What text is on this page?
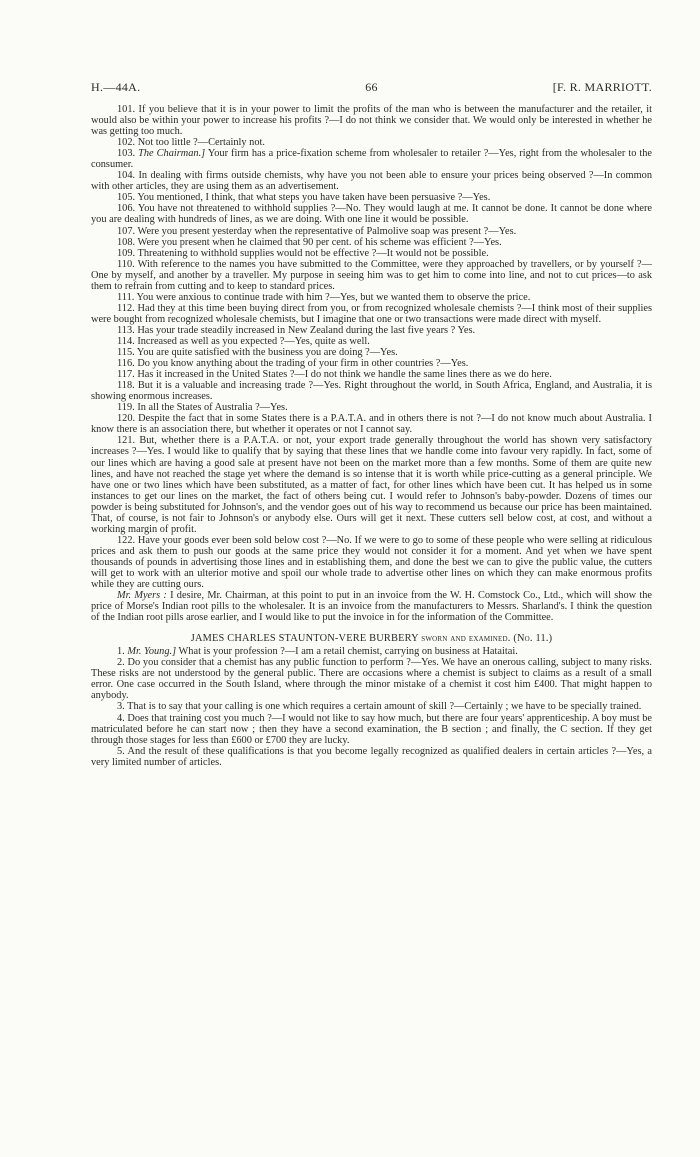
H.—44A.	66	[F. R. MARRIOTT.

101. If you believe that it is in your power to limit the profits of the man who is between the manufacturer and the retailer, it would also be within your power to increase his profits ?—I do not think we consider that. We would only be interested in whether he was getting too much.

102. Not too little ?—Certainly not.

103. The Chairman.] Your firm has a price-fixation scheme from wholesaler to retailer ?—Yes, right from the wholesaler to the consumer.

104. In dealing with firms outside chemists, why have you not been able to ensure your prices being observed ?—In common with other articles, they are using them as an advertisement.

105. You mentioned, I think, that what steps you have taken have been persuasive ?—Yes.

106. You have not threatened to withhold supplies ?—No. They would laugh at me. It cannot be done. It cannot be done where you are dealing with hundreds of lines, as we are doing. With one line it would be possible.

107. Were you present yesterday when the representative of Palmolive soap was present ?—Yes.

108. Were you present when he claimed that 90 per cent. of his scheme was efficient ?—Yes.

109. Threatening to withhold supplies would not be effective ?—It would not be possible.

110. With reference to the names you have submitted to the Committee, were they approached by travellers, or by yourself ?—One by myself, and another by a traveller. My purpose in seeing him was to get him to come into line, and not to cut prices—to ask them to refrain from cutting and to keep to standard prices.

111. You were anxious to continue trade with him ?—Yes, but we wanted them to observe the price.

112. Had they at this time been buying direct from you, or from recognized wholesale chemists ?—I think most of their supplies were bought from recognized wholesale chemists, but I imagine that one or two transactions were made direct with myself.

113. Has your trade steadily increased in New Zealand during the last five years ? Yes.

114. Increased as well as you expected ?—Yes, quite as well.

115. You are quite satisfied with the business you are doing ?—Yes.

116. Do you know anything about the trading of your firm in other countries ?—Yes.

117. Has it increased in the United States ?—I do not think we handle the same lines there as we do here.

118. But it is a valuable and increasing trade ?—Yes. Right throughout the world, in South Africa, England, and Australia, it is showing enormous increases.

119. In all the States of Australia ?—Yes.

120. Despite the fact that in some States there is a P.A.T.A. and in others there is not ?—I do not know much about Australia. I know there is an association there, but whether it operates or not I cannot say.

121. But, whether there is a P.A.T.A. or not, your export trade generally throughout the world has shown very satisfactory increases ?—Yes. I would like to qualify that by saying that these lines that we handle come into favour very rapidly. In fact, some of our lines which are having a good sale at present have not been on the market more than a few months. Some of them are quite new lines, and have not reached the stage yet where the demand is so intense that it is worth while price-cutting as a general principle. We have one or two lines which have been substituted, as a matter of fact, for other lines which have been cut. It has helped us in some instances to get our lines on the market, the fact of others being cut. I would refer to Johnson's baby-powder. Dozens of times our powder is being substituted for Johnson's, and the vendor goes out of his way to recommend us because our price has been maintained. That, of course, is not fair to Johnson's or anybody else. Ours will get it next. These cutters sell below cost, at cost, and without a working margin of profit.

122. Have your goods ever been sold below cost ?—No. If we were to go to some of these people who were selling at ridiculous prices and ask them to push our goods at the same price they would not consider it for a moment. And yet when we have spent thousands of pounds in advertising those lines and in establishing them, and done the best we can to give the public value, the cutters will get to work with an ulterior motive and spoil our whole trade to advertise other lines on which they can make enormous profits while they are cutting ours.

Mr. Myers : I desire, Mr. Chairman, at this point to put in an invoice from the W. H. Comstock Co., Ltd., which will show the price of Morse's Indian root pills to the wholesaler. It is an invoice from the manufacturers to Messrs. Sharland's. I think the question of the Indian root pills arose earlier, and I would like to put the invoice in for the information of the Committee.

JAMES CHARLES STAUNTON-VERE BURBERY sworn and examined. (No. 11.)

1. Mr. Young.] What is your profession ?—I am a retail chemist, carrying on business at Hataitai.

2. Do you consider that a chemist has any public function to perform ?—Yes. We have an onerous calling, subject to many risks. These risks are not understood by the general public. There are occasions where a chemist is subject to claims as a result of a small error. One case occurred in the South Island, where through the minor mistake of a chemist it cost him £400. That might happen to anybody.

3. That is to say that your calling is one which requires a certain amount of skill ?—Certainly ; we have to be specially trained.

4. Does that training cost you much ?—I would not like to say how much, but there are four years' apprenticeship. A boy must be matriculated before he can start now ; then they have a second examination, the B section ; and finally, the C section. If they get through those stages for less than £600 or £700 they are lucky.

5. And the result of these qualifications is that you become legally recognized as qualified dealers in certain articles ?—Yes, a very limited number of articles.
